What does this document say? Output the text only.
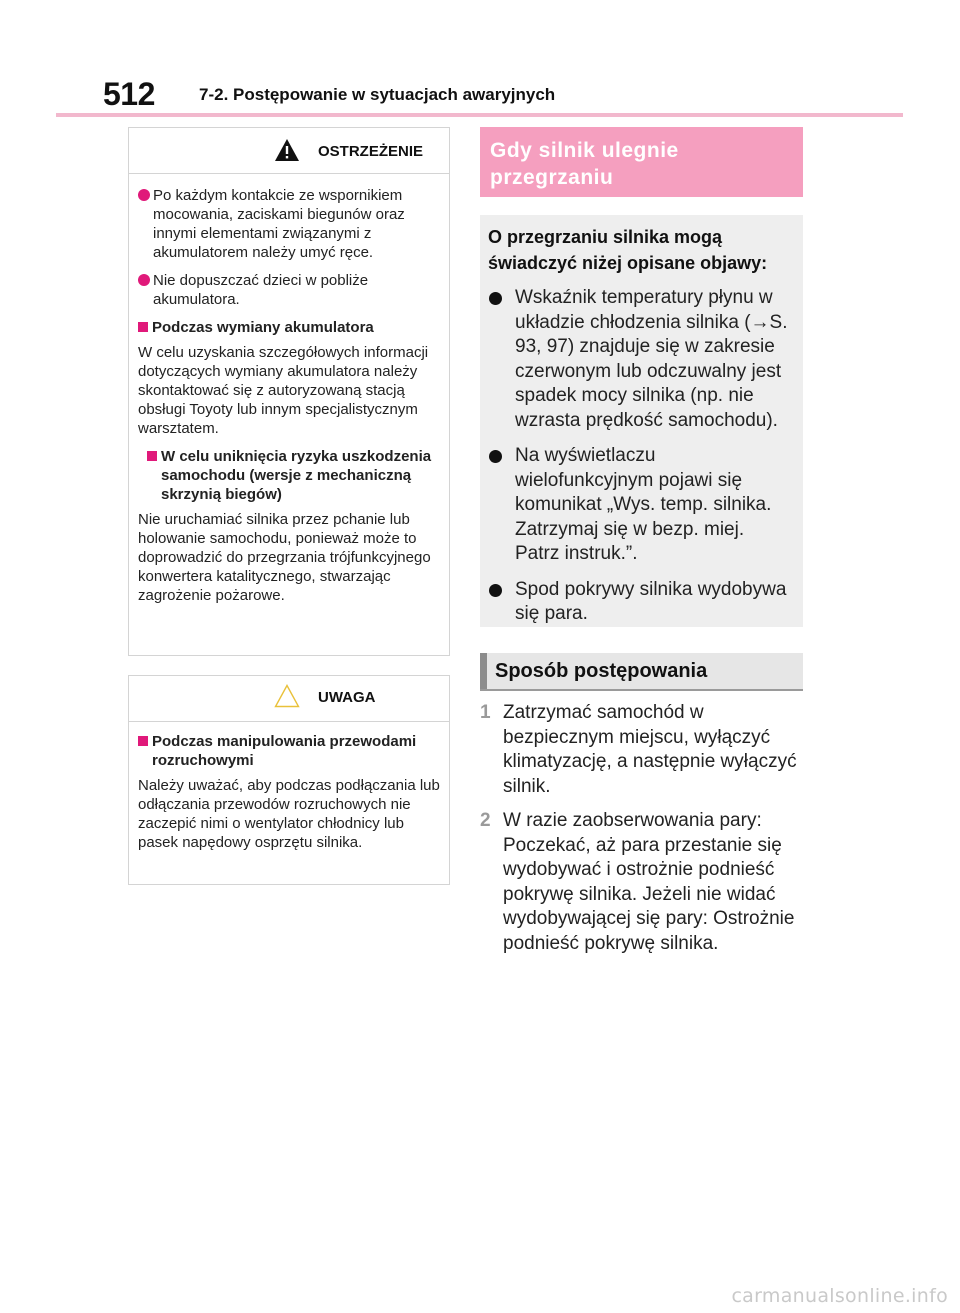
512	7-2. Postępowanie w sytuacjach awaryjnych
OSTRZEŻENIE
Po każdym kontakcie ze wspornikiem mocowania, zaciskami biegunów oraz innymi elementami związanymi z akumulatorem należy umyć ręce.
Nie dopuszczać dzieci w pobliże akumulatora.
Podczas wymiany akumulatora
W celu uzyskania szczegółowych informacji dotyczących wymiany akumulatora należy skontaktować się z autoryzowaną stacją obsługi Toyoty lub innym specjalistycznym warsztatem.
W celu uniknięcia ryzyka uszkodzenia samochodu (wersje z mechaniczną skrzynią biegów)
Nie uruchamiać silnika przez pchanie lub holowanie samochodu, ponieważ może to doprowadzić do przegrzania trójfunkcyjnego konwertera katalitycznego, stwarzając zagrożenie pożarowe.
UWAGA
Podczas manipulowania przewodami rozruchowymi
Należy uważać, aby podczas podłączania lub odłączania przewodów rozruchowych nie zaczepić nimi o wentylator chłodnicy lub pasek napędowy osprzętu silnika.
Gdy silnik ulegnie
przegrzaniu
O przegrzaniu silnika mogą świadczyć niżej opisane objawy:
Wskaźnik temperatury płynu w układzie chłodzenia silnika (→S. 93, 97) znajduje się w zakresie czerwonym lub odczuwalny jest spadek mocy silnika (np. nie wzrasta prędkość samochodu).
Na wyświetlaczu wielofunkcyjnym pojawi się komunikat „Wys. temp. silnika. Zatrzymaj się w bezp. miej. Patrz instruk.”.
Spod pokrywy silnika wydobywa się para.
Sposób postępowania
1 Zatrzymać samochód w bezpiecznym miejscu, wyłączyć klimatyzację, a następnie wyłączyć silnik.
2 W razie zaobserwowania pary: Poczekać, aż para przestanie się wydobywać i ostrożnie podnieść pokrywę silnika. Jeżeli nie widać wydobywającej się pary: Ostrożnie podnieść pokrywę silnika.
carmanualsonline.info
